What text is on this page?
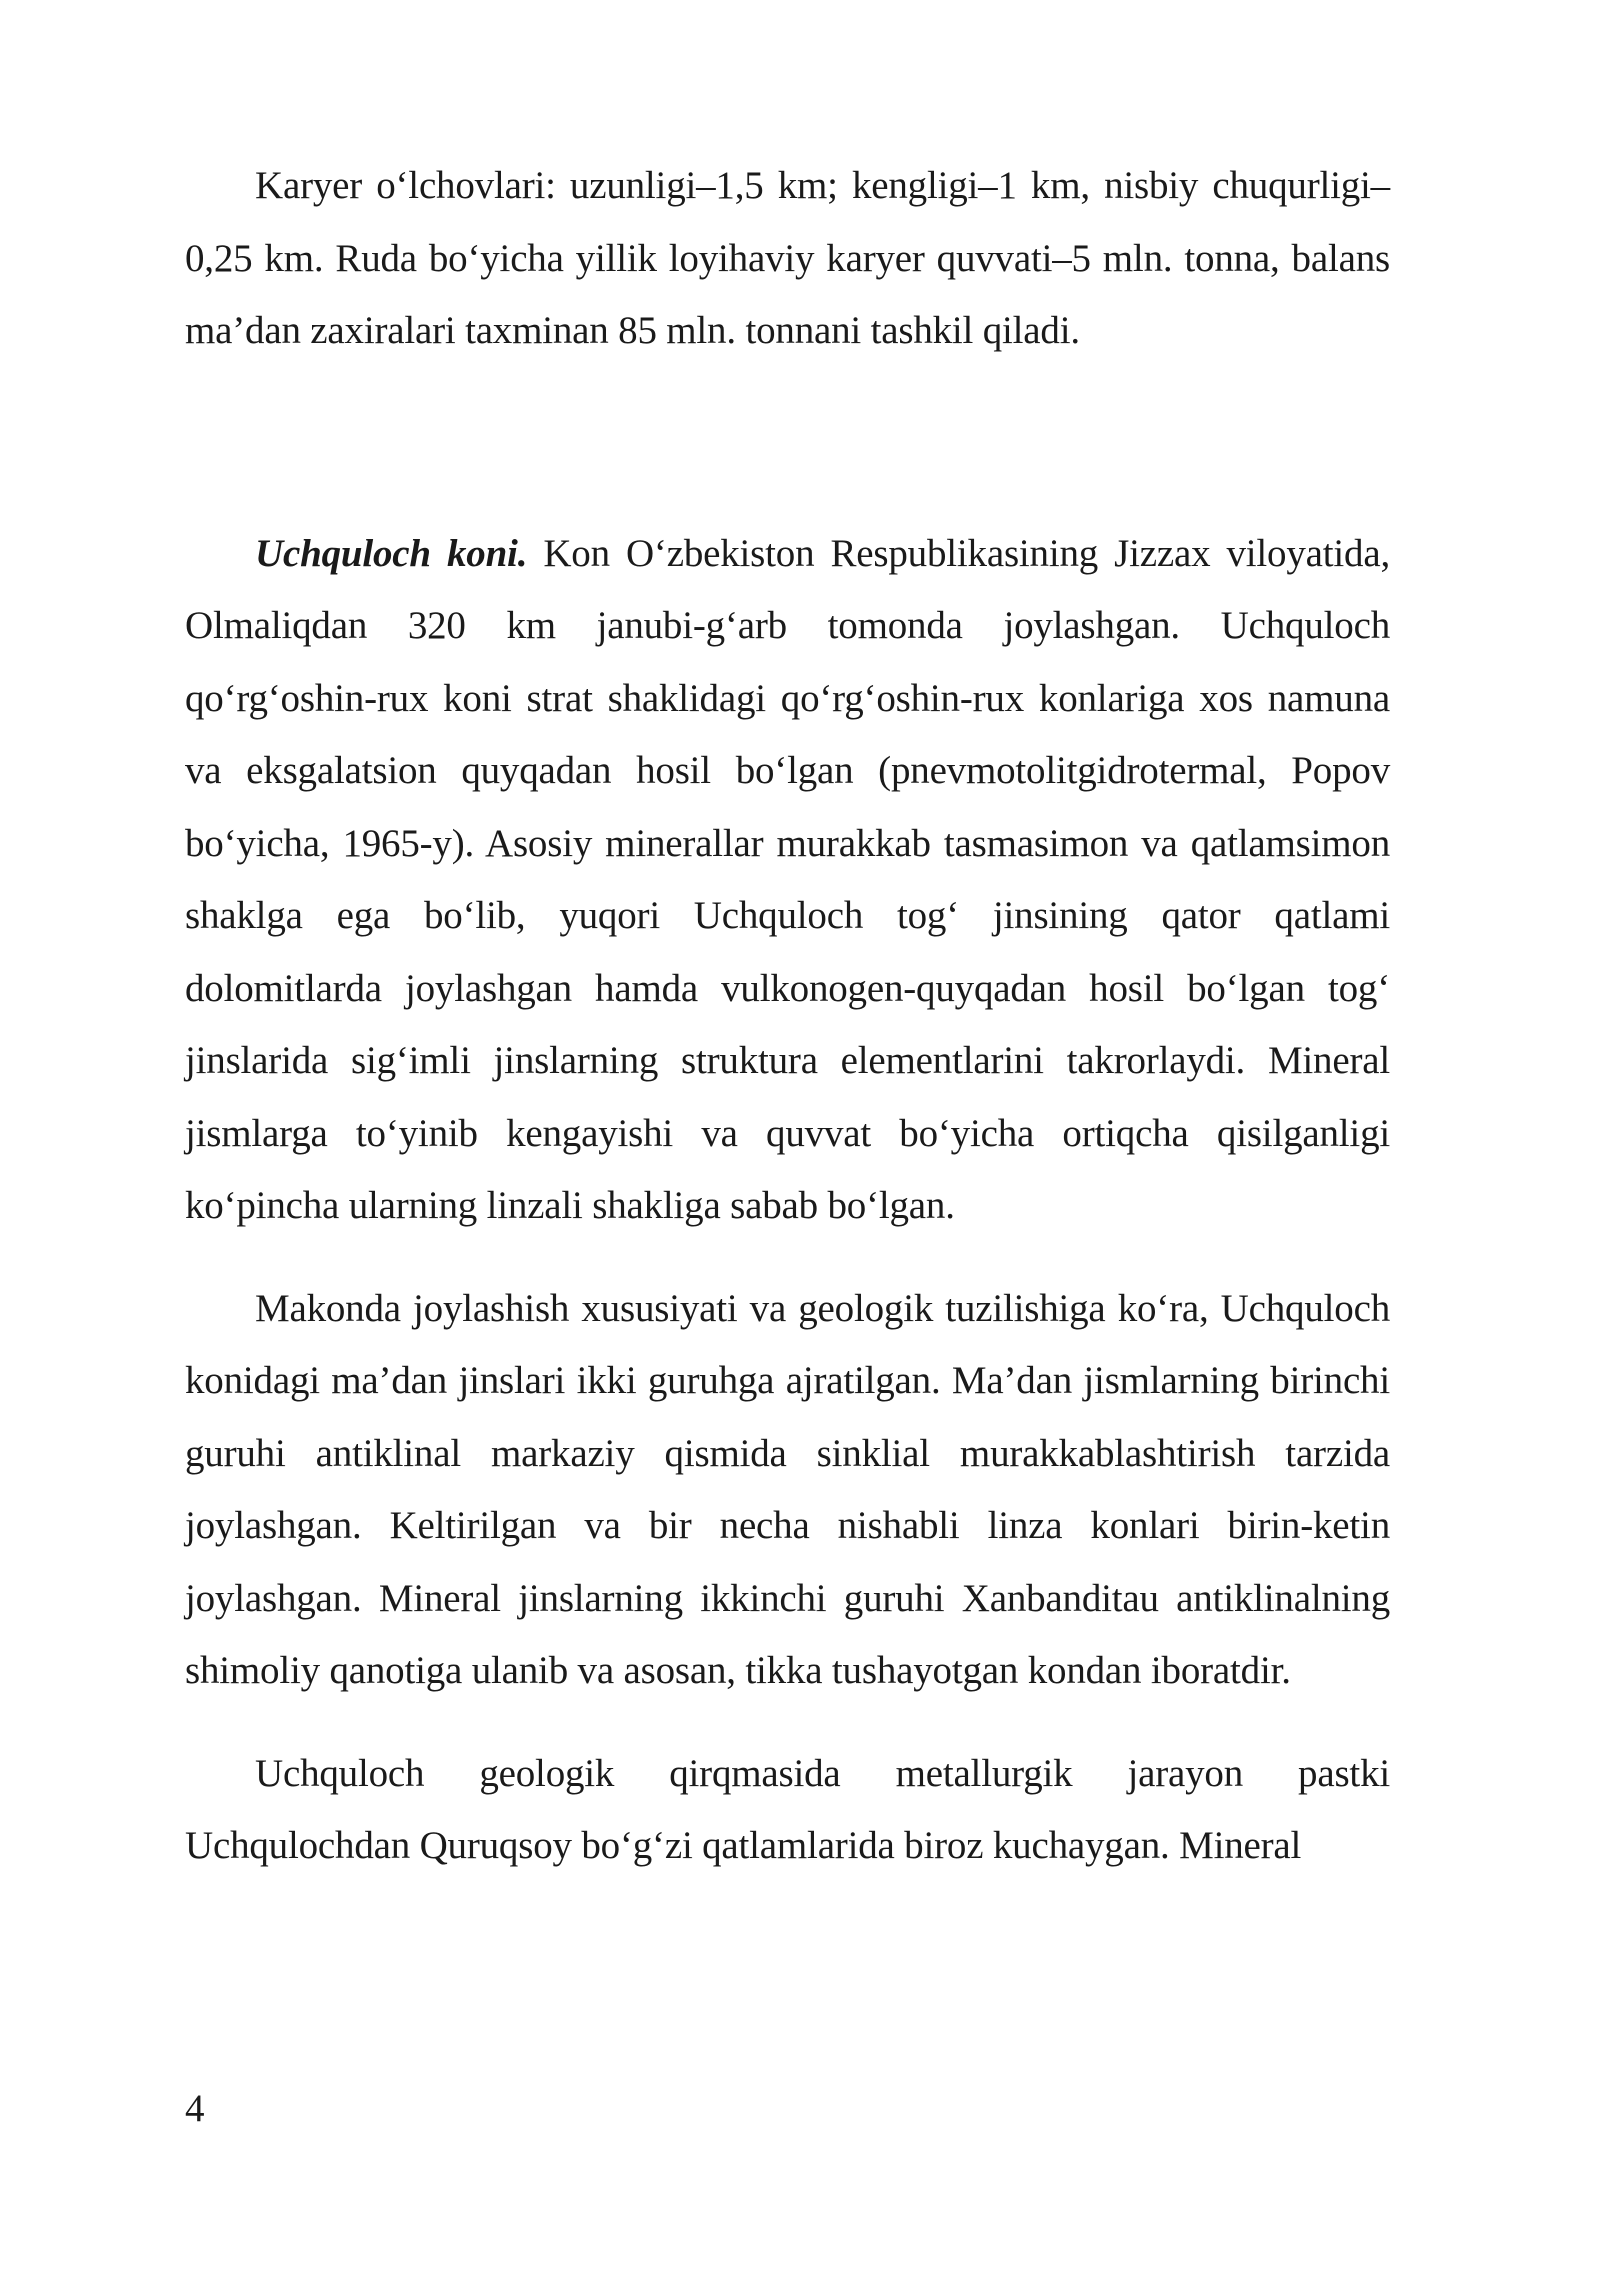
Karyer oʻlchovlari: uzunligi–1,5 km; kengligi–1 km, nisbiy chuqurligi–0,25 km. Ruda boʻyicha yillik loyihaviy karyer quvvati–5 mln. tonna, balans ma’dan zaxiralari taxminan 85 mln. tonnani tashkil qiladi.

Uchquloch koni. Kon Oʻzbekiston Respublikasining Jizzax viloyatida, Olmaliqdan 320 km janubi-gʻarb tomonda joylashgan. Uchquloch qoʻrgʻoshin-rux koni strat shaklidagi qoʻrgʻoshin-rux konlariga xos namuna va eksgalatsion quyqadan hosil boʻlgan (pnevmotolitgidrotermal, Popov boʻyicha, 1965-y). Asosiy minerallar murakkab tasmasimon va qatlamsimon shaklga ega boʻlib, yuqori Uchquloch togʻ jinsining qator qatlami dolomitlarda joylashgan hamda vulkonogen-quyqadan hosil boʻlgan togʻ jinslarida sigʻimli jinslarning struktura elementlarini takrorlaydi. Mineral jismlarga toʻyinib kengayishi va quvvat boʻyicha ortiqcha qisilganligi koʻpincha ularning linzali shakliga sabab boʻlgan.

Makonda joylashish xususiyati va geologik tuzilishiga koʻra, Uchquloch konidagi ma’dan jinslari ikki guruhga ajratilgan. Ma’dan jismlarning birinchi guruhi antiklinal markaziy qismida sinklial murakkablashtirish tarzida joylashgan. Keltirilgan va bir necha nishabli linza konlari birin-ketin joylashgan. Mineral jinslarning ikkinchi guruhi Xanbanditau antiklinalning shimoliy qanotiga ulanib va asosan, tikka tushayotgan kondan iboratdir.

Uchquloch geologik qirqmasida metallurgik jarayon pastki Uchqulochdan Quruqsoy boʻgʻzi qatlamlarida biroz kuchaygan. Mineral

4
